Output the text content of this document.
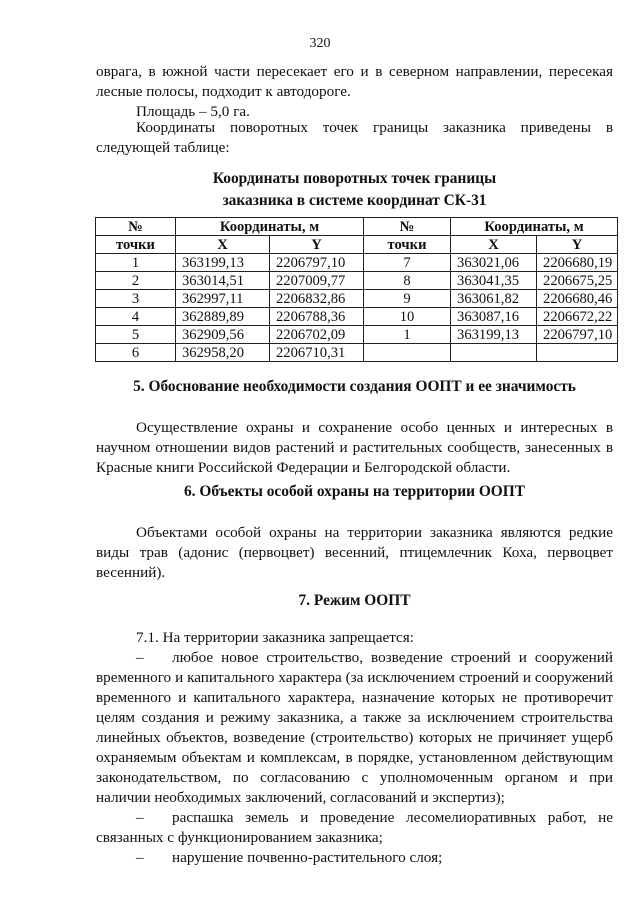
320
оврага, в южной части пересекает его и в северном направлении, пересекая
лесные полосы, подходит к автодороге.
Площадь – 5,0 га.
Координаты поворотных точек границы заказника приведены в следующей таблице:
Координаты поворотных точек границы
заказника в системе координат СК-31
№	Координаты, м		№	Координаты, м	
точки	X	Y	точки	X	Y
1	363199,13	2206797,10	7	363021,06	2206680,19
2	363014,51	2207009,77	8	363041,35	2206675,25
3	362997,11	2206832,86	9	363061,82	2206680,46
4	362889,89	2206788,36	10	363087,16	2206672,22
5	362909,56	2206702,09	1	363199,13	2206797,10
6	362958,20	2206710,31			
5. Обоснование необходимости создания ООПТ и ее значимость
Осуществление охраны и сохранение особо ценных и интересных в научном отношении видов растений и растительных сообществ, занесенных в Красные книги Российской Федерации и Белгородской области.
6. Объекты особой охраны на территории ООПТ
Объектами особой охраны на территории заказника являются редкие виды трав (адонис (первоцвет) весенний, птицемлечник Коха, первоцвет весенний).
7. Режим ООПТ
7.1. На территории заказника запрещается:
– любое новое строительство, возведение строений и сооружений временного и капитального характера (за исключением строений и сооружений временного и капитального характера, назначение которых не противоречит целям создания и режиму заказника, а также за исключением строительства линейных объектов, возведение (строительство) которых не причиняет ущерб охраняемым объектам и комплексам, в порядке, установленном действующим законодательством, по согласованию с уполномоченным органом и при наличии необходимых заключений, согласований и экспертиз);
– распашка земель и проведение лесомелиоративных работ, не связанных с функционированием заказника;
– нарушение почвенно-растительного слоя;
